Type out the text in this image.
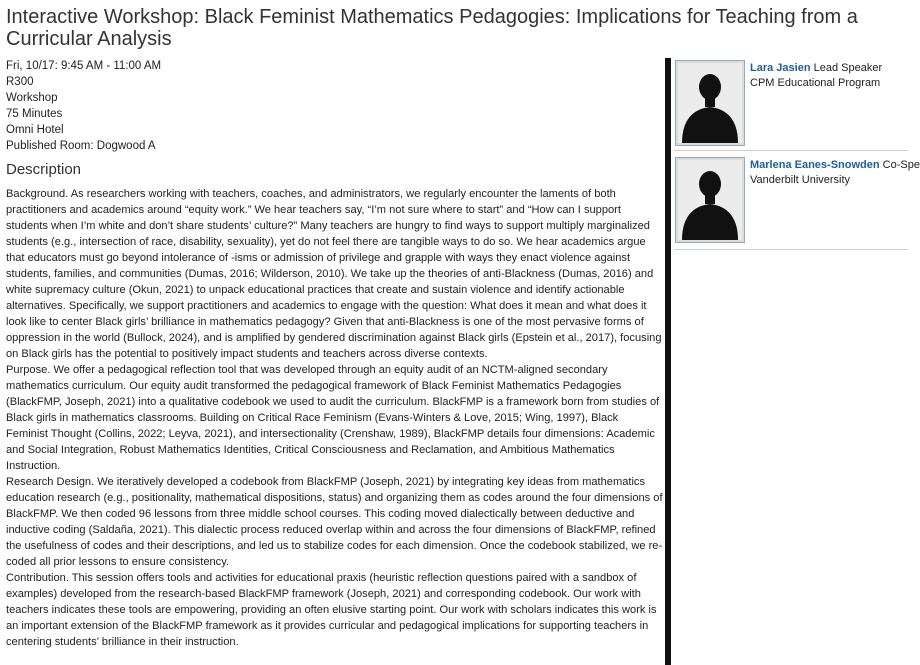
Interactive Workshop: Black Feminist Mathematics Pedagogies: Implications for Teaching from a Curricular Analysis
Fri, 10/17: 9:45 AM - 11:00 AM
R300
Workshop
75 Minutes
Omni Hotel
Published Room: Dogwood A
Description

Background. As researchers working with teachers, coaches, and administrators, we regularly encounter the laments of both practitioners and academics around “equity work.” We hear teachers say, “I’m not sure where to start” and “How can I support students when I’m white and don’t share students’ culture?” Many teachers are hungry to find ways to support multiply marginalized students (e.g., intersection of race, disability, sexuality), yet do not feel there are tangible ways to do so. We hear academics argue that educators must go beyond intolerance of -isms or admission of privilege and grapple with ways they enact violence against students, families, and communities (Dumas, 2016; Wilderson, 2010). We take up the theories of anti-Blackness (Dumas, 2016) and white supremacy culture (Okun, 2021) to unpack educational practices that create and sustain violence and identify actionable alternatives. Specifically, we support practitioners and academics to engage with the question: What does it mean and what does it look like to center Black girls’ brilliance in mathematics pedagogy? Given that anti-Blackness is one of the most pervasive forms of oppression in the world (Bullock, 2024), and is amplified by gendered discrimination against Black girls (Epstein et al., 2017), focusing on Black girls has the potential to positively impact students and teachers across diverse contexts.

Purpose. We offer a pedagogical reflection tool that was developed through an equity audit of an NCTM-aligned secondary mathematics curriculum. Our equity audit transformed the pedagogical framework of Black Feminist Mathematics Pedagogies (BlackFMP, Joseph, 2021) into a qualitative codebook we used to audit the curriculum. BlackFMP is a framework born from studies of Black girls in mathematics classrooms. Building on Critical Race Feminism (Evans-Winters & Love, 2015; Wing, 1997), Black Feminist Thought (Collins, 2022; Leyva, 2021), and intersectionality (Crenshaw, 1989), BlackFMP details four dimensions: Academic and Social Integration, Robust Mathematics Identities, Critical Consciousness and Reclamation, and Ambitious Mathematics Instruction.

Research Design. We iteratively developed a codebook from BlackFMP (Joseph, 2021) by integrating key ideas from mathematics education research (e.g., positionality, mathematical dispositions, status) and organizing them as codes around the four dimensions of BlackFMP. We then coded 96 lessons from three middle school courses. This coding moved dialectically between deductive and inductive coding (Saldaña, 2021). This dialectic process reduced overlap within and across the four dimensions of BlackFMP, refined the usefulness of codes and their descriptions, and led us to stabilize codes for each dimension. Once the codebook stabilized, we re-coded all prior lessons to ensure consistency.

Contribution. This session offers tools and activities for educational praxis (heuristic reflection questions paired with a sandbox of examples) developed from the research-based BlackFMP framework (Joseph, 2021) and corresponding codebook. Our work with teachers indicates these tools are empowering, providing an often elusive starting point. Our work with scholars indicates this work is an important extension of the BlackFMP framework as it provides curricular and pedagogical implications for supporting teachers in centering students’ brilliance in their instruction.

Lara Jasien Lead Speaker
CPM Educational Program
Marlena Eanes-Snowden Co-Spe
Vanderbilt University
